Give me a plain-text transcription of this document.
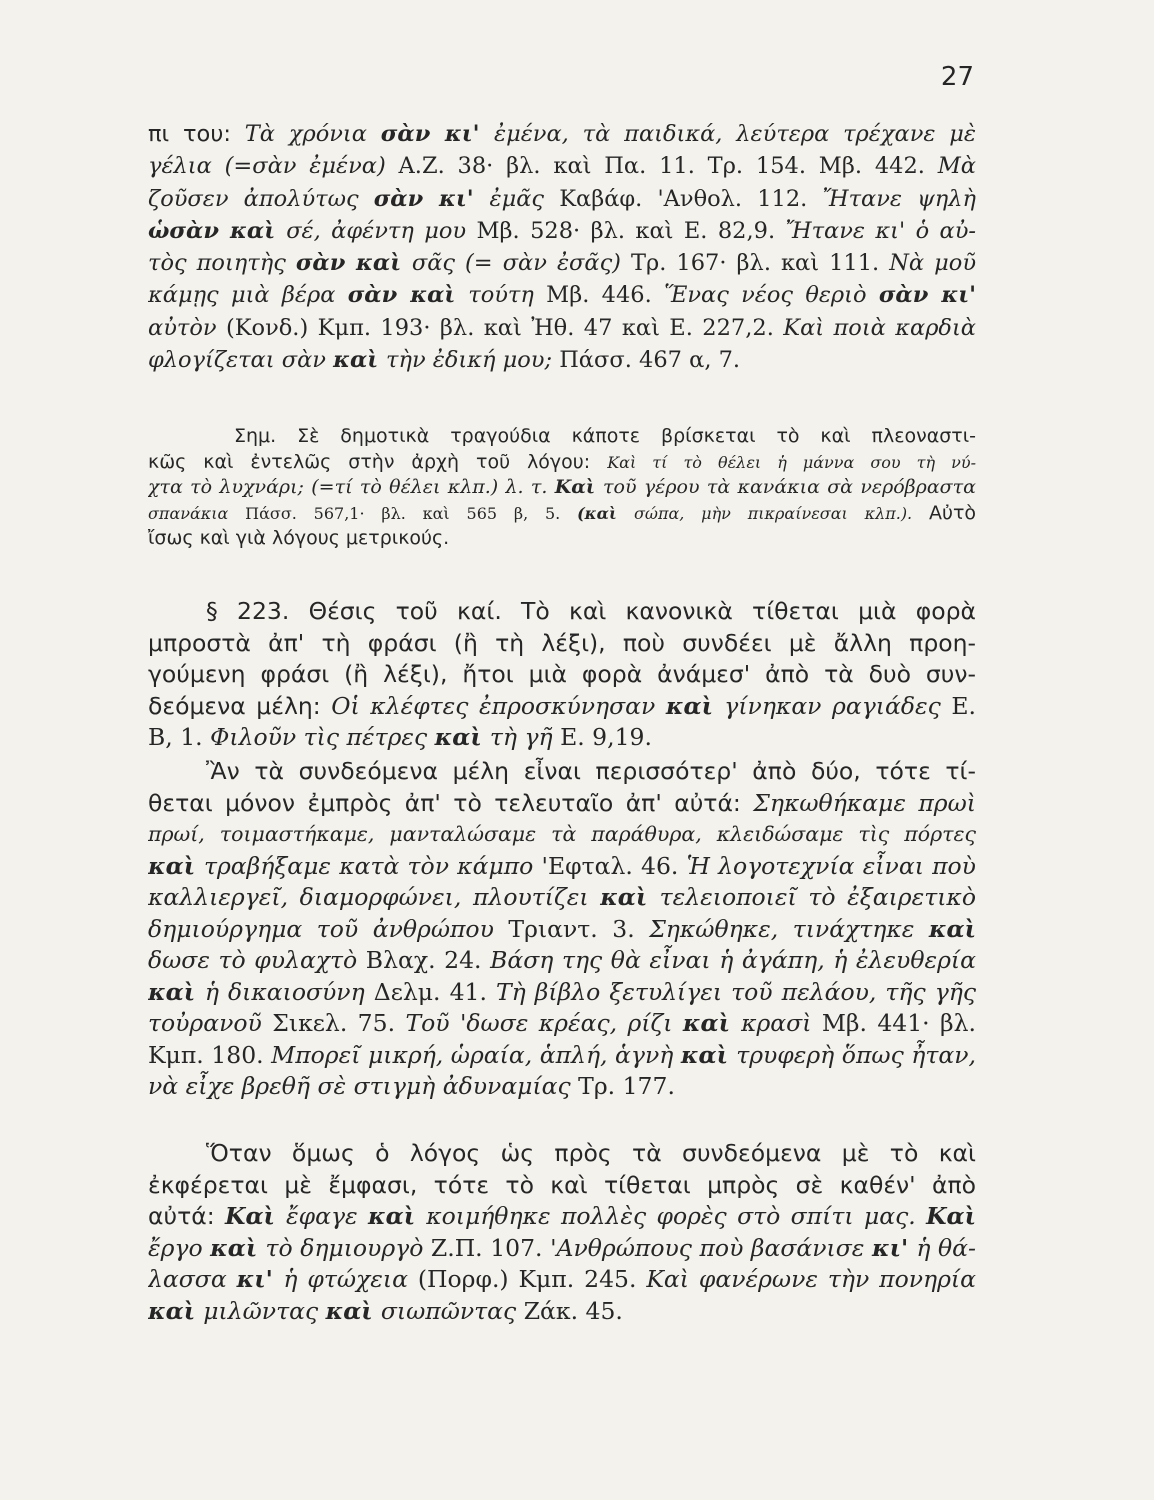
27
πι του: Τὰ χρόνια σὰν κι' ἐμένα, τὰ παιδικά, λεύτερα τρέχανε μὲ
γέλια (=σὰν ἐμένα) Α.Ζ. 38· βλ. καὶ Πα. 11. Τρ. 154. Μβ. 442. Μὰ
ζοῦσεν ἀπολύτως σὰν κι' ἐμᾶς Καβάφ. 'Ανθολ. 112. Ἤτανε ψηλὴ
ὡσὰν καὶ σέ, ἀφέντη μου Μβ. 528· βλ. καὶ Ε. 82,9. Ἤτανε κι' ὁ αὐ-
τὸς ποιητὴς σὰν καὶ σᾶς (= σὰν ἐσᾶς) Τρ. 167· βλ. καὶ 111. Νὰ μοῦ
κάμῃς μιὰ βέρα σὰν καὶ τούτη Μβ. 446. Ἕνας νέος θεριὸ σὰν κι'
αὐτὸν (Κονδ.) Κμπ. 193· βλ. καὶ Ἠθ. 47 καὶ Ε. 227,2. Καὶ ποιὰ καρδιὰ
φλογίζεται σὰν καὶ τὴν ἐδική μου; Πάσσ. 467 α, 7.
Σημ. Σὲ δημοτικὰ τραγούδια κάποτε βρίσκεται τὸ καὶ πλεοναστι-
κῶς καὶ ἐντελῶς στὴν ἀρχὴ τοῦ λόγου: Καὶ τί τὸ θέλει ἡ μάννα σου τὴ νύ-
χτα τὸ λυχνάρι; (=τί τὸ θέλει κλπ.) λ. τ. Καὶ τοῦ γέρου τὰ κανάκια σὰ νερόβραστα
σπανάκια Πάσσ. 567,1· βλ. καὶ 565 β, 5. (καὶ σώπα, μὴν πικραίνεσαι κλπ.). Αὐτὸ
ἴσως καὶ γιὰ λόγους μετρικούς.
§ 223. Θέσις τοῦ καί. Τὸ καὶ κανονικὰ τίθεται μιὰ φορὰ
μπροστὰ ἀπ' τὴ φράσι (ἢ τὴ λέξι), ποὺ συνδέει μὲ ἄλλη προη-
γούμενη φράσι (ἢ λέξι), ἤτοι μιὰ φορὰ ἀνάμεσ' ἀπὸ τὰ δυὸ συν-
δεόμενα μέλη: Οἱ κλέφτες ἐπροσκύνησαν καὶ γίνηκαν ραγιάδες Ε.
Β, 1. Φιλοῦν τὶς πέτρες καὶ τὴ γῆ Ε. 9,19.
Ἂν τὰ συνδεόμενα μέλη εἶναι περισσότερ' ἀπὸ δύο, τότε τί-
θεται μόνον ἐμπρὸς ἀπ' τὸ τελευταῖο ἀπ' αὐτά: Σηκωθήκαμε πρωὶ
πρωί, τοιμαστήκαμε, μανταλώσαμε τὰ παράθυρα, κλειδώσαμε τὶς πόρτες
καὶ τραβήξαμε κατὰ τὸν κάμπο 'Εφταλ. 46. Ἡ λογοτεχνία εἶναι ποὺ
καλλιεργεῖ, διαμορφώνει, πλουτίζει καὶ τελειοποιεῖ τὸ ἐξαιρετικὸ
δημιούργημα τοῦ ἀνθρώπου Τριαντ. 3. Σηκώθηκε, τινάχτηκε καὶ
δωσε τὸ φυλαχτὸ Βλαχ. 24. Βάση της θὰ εἶναι ἡ ἀγάπη, ἡ ἐλευθερία
καὶ ἡ δικαιοσύνη Δελμ. 41. Τὴ βίβλο ξετυλίγει τοῦ πελάου, τῆς γῆς
τοὐρανοῦ Σικελ. 75. Τοῦ 'δωσε κρέας, ρίζι καὶ κρασὶ Μβ. 441· βλ.
Κμπ. 180. Μπορεῖ μικρή, ὡραία, ἁπλή, ἁγνὴ καὶ τρυφερὴ ὅπως ἦταν,
νὰ εἶχε βρεθῆ σὲ στιγμὴ ἀδυναμίας Τρ. 177.
Ὅταν ὅμως ὁ λόγος ὡς πρὸς τὰ συνδεόμενα μὲ τὸ καὶ
ἐκφέρεται μὲ ἔμφασι, τότε τὸ καὶ τίθεται μπρὸς σὲ καθέν' ἀπὸ
αὐτά: Καὶ ἔφαγε καὶ κοιμήθηκε πολλὲς φορὲς στὸ σπίτι μας. Καὶ
ἔργο καὶ τὸ δημιουργὸ Ζ.Π. 107. 'Ανθρώπους ποὺ βασάνισε κι' ἡ θά-
λασσα κι' ἡ φτώχεια (Πορφ.) Κμπ. 245. Καὶ φανέρωνε τὴν πονηρία
καὶ μιλῶντας καὶ σιωπῶντας Ζάκ. 45.
